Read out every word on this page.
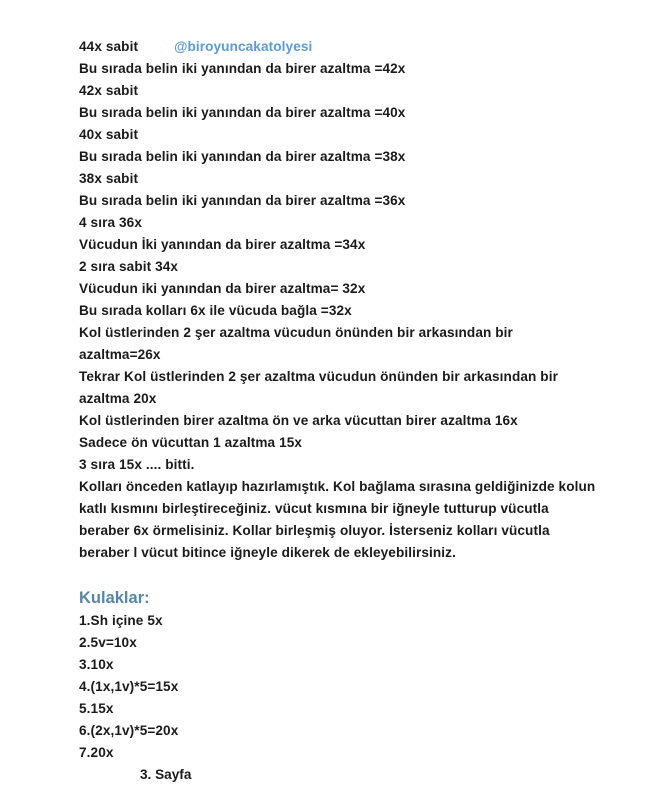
44x sabit	@biroyuncakatolyesi
Bu sırada belin iki yanından da birer azaltma =42x
42x sabit
Bu sırada belin iki yanından da birer azaltma =40x
40x sabit
Bu sırada belin iki yanından da birer azaltma =38x
38x sabit
Bu sırada belin iki yanından da birer azaltma =36x
4 sıra 36x
Vücudun İki yanından da birer azaltma =34x
2 sıra sabit 34x
Vücudun iki yanından da birer azaltma= 32x
Bu sırada kolları 6x ile vücuda bağla =32x
Kol üstlerinden 2 şer azaltma vücudun önünden bir arkasından bir
azaltma=26x
Tekrar Kol üstlerinden 2 şer azaltma vücudun önünden bir arkasından bir
azaltma 20x
Kol üstlerinden birer azaltma ön ve arka vücuttan birer azaltma 16x
Sadece ön vücuttan 1 azaltma 15x
3 sıra 15x .... bitti.
Kolları önceden katlayıp hazırlamıştık. Kol bağlama sırasına geldiğinizde kolun
katlı kısmını birleştireceğiniz. vücut kısmına bir iğneyle tutturup vücutla
beraber 6x örmelisiniz. Kollar birleşmiş oluyor. İsterseniz kolları vücutla
beraber l vücut bitince iğneyle dikerek de ekleyebilirsiniz.
Kulaklar:
1.Sh içine 5x
2.5v=10x
3.10x
4.(1x,1v)*5=15x
5.15x
6.(2x,1v)*5=20x
7.20x
3. Sayfa
